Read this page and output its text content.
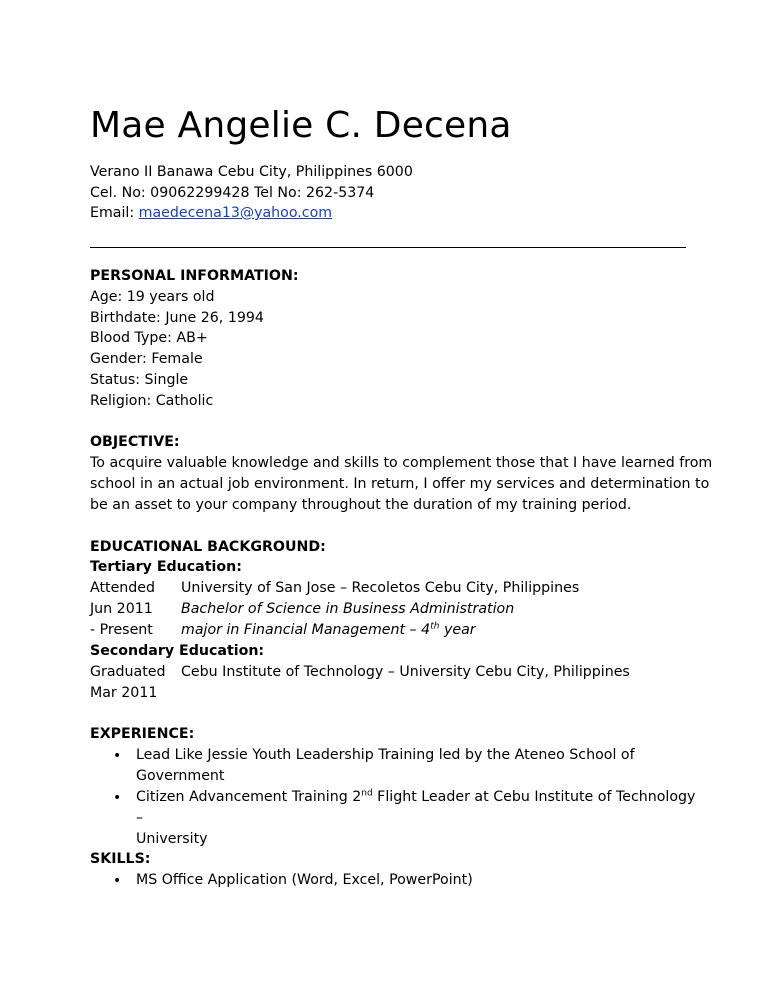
Mae Angelie C. Decena
Verano II Banawa Cebu City, Philippines 6000
Cel. No: 09062299428 Tel No: 262-5374
Email: maedecena13@yahoo.com
PERSONAL INFORMATION:
Age: 19 years old
Birthdate: June 26, 1994
Blood Type: AB+
Gender: Female
Status: Single
Religion: Catholic
OBJECTIVE:
To acquire valuable knowledge and skills to complement those that I have learned from
school in an actual job environment. In return, I offer my services and determination to
be an asset to your company throughout the duration of my training period.
EDUCATIONAL BACKGROUND:
Tertiary Education:
Attended University of San Jose – Recoletos Cebu City, Philippines
Jun 2011 Bachelor of Science in Business Administration
- Present major in Financial Management – 4th year
Secondary Education:
Graduated Cebu Institute of Technology – University Cebu City, Philippines
Mar 2011
EXPERIENCE:
• Lead Like Jessie Youth Leadership Training led by the Ateneo School of
Government
• Citizen Advancement Training 2nd Flight Leader at Cebu Institute of Technology –
University
SKILLS:
• MS Office Application (Word, Excel, PowerPoint)
